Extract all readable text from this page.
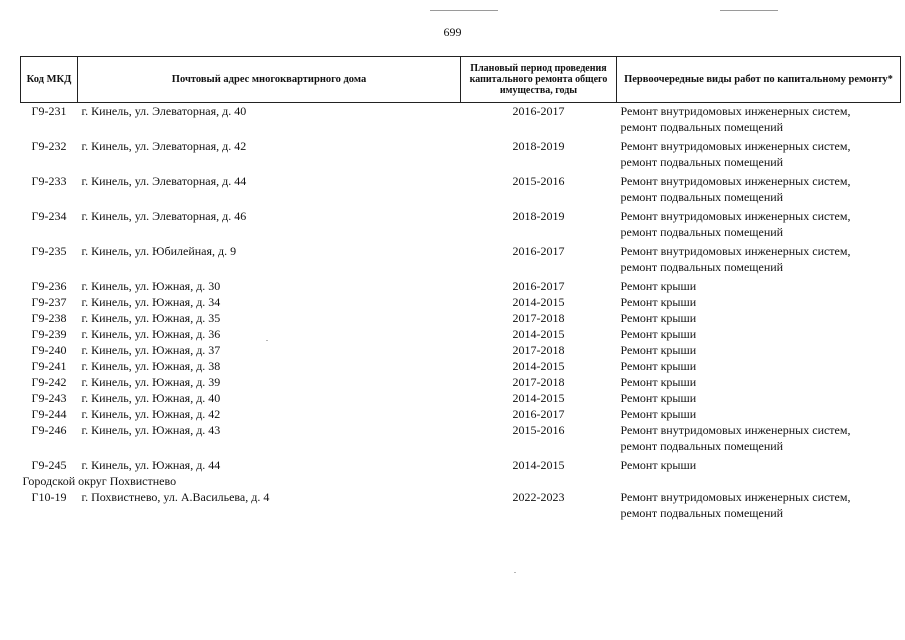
699
Код МКД	Почтовый адрес многоквартирного дома	Плановый период проведения капитального ремонта общего имущества, годы	Первоочередные виды работ по капитальному ремонту*
Г9-231	г. Кинель, ул. Элеваторная, д. 40	2016-2017	Ремонт внутридомовых инженерных систем,
ремонт подвальных помещений

Г9-232	г. Кинель, ул. Элеваторная, д. 42	2018-2019	Ремонт внутридомовых инженерных систем,
ремонт подвальных помещений

Г9-233	г. Кинель, ул. Элеваторная, д. 44	2015-2016	Ремонт внутридомовых инженерных систем,
ремонт подвальных помещений

Г9-234	г. Кинель, ул. Элеваторная, д. 46	2018-2019	Ремонт внутридомовых инженерных систем,
ремонт подвальных помещений

Г9-235	г. Кинель, ул. Юбилейная, д. 9	2016-2017	Ремонт внутридомовых инженерных систем,
ремонт подвальных помещений

Г9-236	г. Кинель, ул. Южная, д. 30	2016-2017	Ремонт крыши

Г9-237	г. Кинель, ул. Южная, д. 34	2014-2015	Ремонт крыши

Г9-238	г. Кинель, ул. Южная, д. 35	2017-2018	Ремонт крыши

Г9-239	г. Кинель, ул. Южная, д. 36	2014-2015	Ремонт крыши

Г9-240	г. Кинель, ул. Южная, д. 37	2017-2018	Ремонт крыши

Г9-241	г. Кинель, ул. Южная, д. 38	2014-2015	Ремонт крыши

Г9-242	г. Кинель, ул. Южная, д. 39	2017-2018	Ремонт крыши

Г9-243	г. Кинель, ул. Южная, д. 40	2014-2015	Ремонт крыши

Г9-244	г. Кинель, ул. Южная, д. 42	2016-2017	Ремонт крыши

Г9-246	г. Кинель, ул. Южная, д. 43	2015-2016	Ремонт внутридомовых инженерных систем,
ремонт подвальных помещений

Г9-245	г. Кинель, ул. Южная, д. 44	2014-2015	Ремонт крыши

Городской округ Похвистнево			
Г10-19	г. Похвистнево, ул. А.Васильева, д. 4	2022-2023	Ремонт внутридомовых инженерных систем,
ремонт подвальных помещений
